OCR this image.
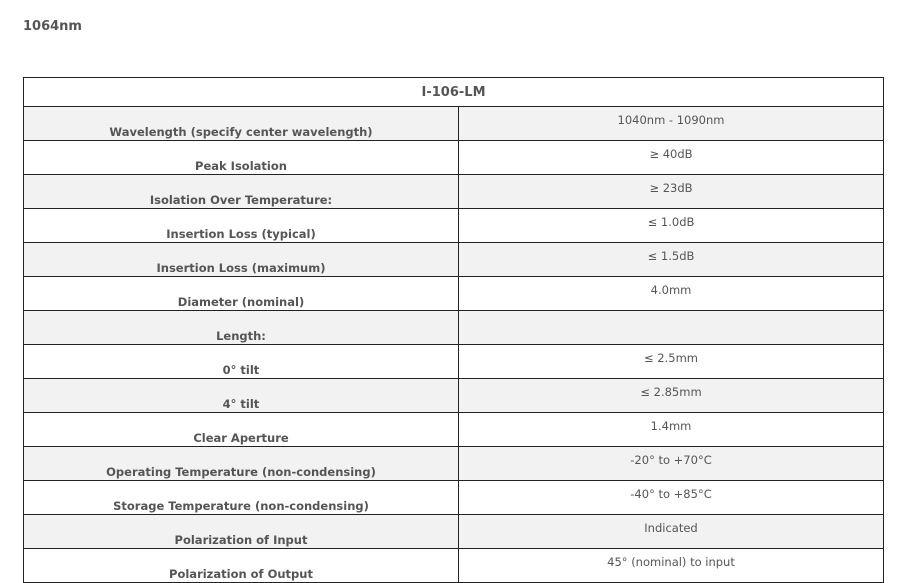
1064nm
I-106-LM	
Wavelength (specify center wavelength)	1040nm - 1090nm
Peak Isolation	≥ 40dB
Isolation Over Temperature:	≥ 23dB
Insertion Loss (typical)	≤ 1.0dB
Insertion Loss (maximum)	≤ 1.5dB
Diameter (nominal)	4.0mm
Length:	
0° tilt	≤ 2.5mm
4° tilt	≤ 2.85mm
Clear Aperture	1.4mm
Operating Temperature (non-condensing)	-20° to +70°C
Storage Temperature (non-condensing)	-40° to +85°C
Polarization of Input	Indicated
Polarization of Output	45° (nominal) to input
